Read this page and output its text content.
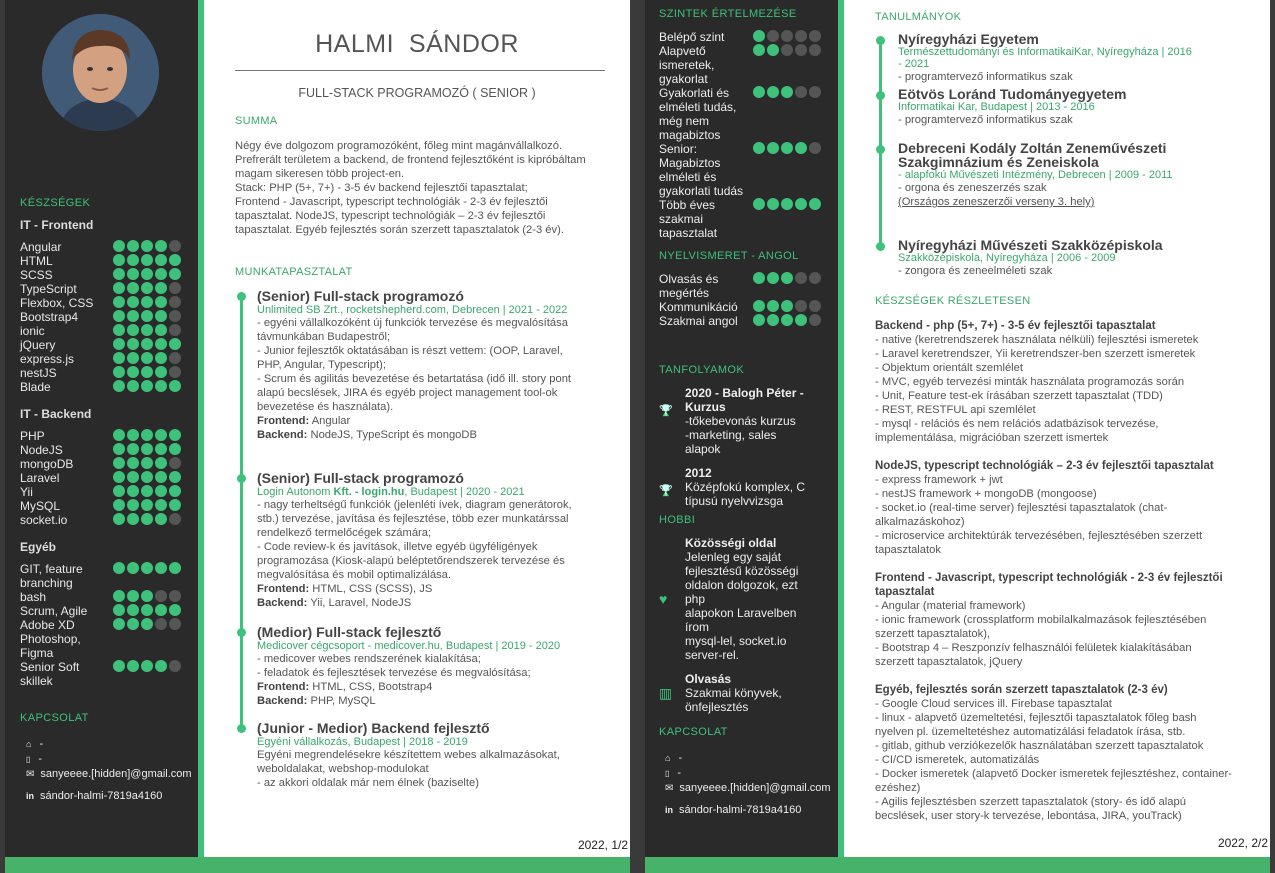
KÉSZSÉGEK
IT - Frontend
Angular
HTML
SCSS
TypeScript
Flexbox, CSS
Bootstrap4
ionic
jQuery
express.js
nestJS
Blade
IT - Backend
PHP
NodeJS
mongoDB
Laravel
Yii
MySQL
socket.io
Egyéb
GIT, feature branching
bash
Scrum, Agile
Adobe XD Photoshop, Figma
Senior Soft skillek
KAPCSOLAT
⌂ -
▯ -
✉ sanyeeee.[hidden]@gmail.com
in sándor-halmi-7819a4160
HALMI SÁNDOR
FULL-STACK PROGRAMOZÓ ( SENIOR )
SUMMA
Négy éve dolgozom programozóként, főleg mint magánvállalkozó.
Prefrerált területem a backend, de frontend fejlesztőként is kipróbáltam
magam sikeresen több project-en.
Stack: PHP (5+, 7+) - 3-5 év backend fejlesztői tapasztalat;
Frontend - Javascript, typescript technológiák - 2-3 év fejlesztői
tapasztalat. NodeJS, typescript technológiák – 2-3 év fejlesztői
tapasztalat. Egyéb fejlesztés során szerzett tapasztalatok (2-3 év).
MUNKATAPASZTALAT
(Senior) Full-stack programozó
Unlimited SB Zrt., rocketshepherd.com, Debrecen | 2021 - 2022
- egyéni vállalkozóként új funkciók tervezése és megvalósítása
távmunkában Budapestről;
- Junior fejlesztők oktatásában is részt vettem: (OOP, Laravel,
PHP, Angular, Typescript);
- Scrum és agilitás bevezetése és betartatása (idő ill. story pont
alapú becslések, JIRA és egyéb project management tool-ok
bevezetése és használata).
Frontend: Angular
Backend: NodeJS, TypeScript és mongoDB
(Senior) Full-stack programozó
Login Autonom Kft. - login.hu, Budapest | 2020 - 2021
- nagy terheltségű funkciók (jelenléti ívek, diagram generátorok,
stb.) tervezése, javítása és fejlesztése, több ezer munkatárssal
rendelkező termelőcégek számára;
- Code review-k és javítások, illetve egyéb ügyféligények
programozása (Kiosk-alapú beléptetőrendszerek tervezése és
megvalósítása és mobil optimalizálása.
Frontend: HTML, CSS (SCSS), JS
Backend: Yii, Laravel, NodeJS
(Medior) Full-stack fejlesztő
Medicover cégcsoport - medicover.hu, Budapest | 2019 - 2020
- medicover webes rendszerének kialakítása;
- feladatok és fejlesztések tervezése és megvalósítása;
Frontend: HTML, CSS, Bootstrap4
Backend: PHP, MySQL
(Junior - Medior) Backend fejlesztő
Egyéni vállalkozás, Budapest | 2018 - 2019
Egyéni megrendelésekre készítettem webes alkalmazásokat,
weboldalakat, webshop-modulokat
- az akkori oldalak már nem élnek (baziselte)
2022, 1/2
SZINTEK ÉRTELMEZÉSE
Belépő szint
Alapvető ismeretek, gyakorlat
Gyakorlati és elméleti tudás, még nem magabiztos
Senior: Magabiztos elméleti és gyakorlati tudás
Több éves szakmai tapasztalat
NYELVISMERET - ANGOL
Olvasás és megértés
Kommunikáció
Szakmai angol
TANFOLYAMOK
🏆
2020 - Balogh Péter - Kurzus
-tőkebevonás kurzus
-marketing, sales alapok
🏆
2012
Középfokú komplex, C
típusú nyelvvizsga
HOBBI
♥
Közösségi oldal
Jelenleg egy saját
fejlesztésű közösségi
oldalon dolgozok, ezt php
alapokon Laravelben írom
mysql-lel, socket.io
server-rel.
▥
Olvasás
Szakmai könyvek,
önfejlesztés
KAPCSOLAT
⌂ -
▯ -
✉ sanyeeee.[hidden]@gmail.com
in sándor-halmi-7819a4160
TANULMÁNYOK
Nyíregyházi Egyetem
Természettudományi és InformatikaiKar, Nyíregyháza | 2016 - 2021
- programtervező informatikus szak
Eötvös Loránd Tudományegyetem
Informatikai Kar, Budapest | 2013 - 2016
- programtervező informatikus szak
Debreceni Kodály Zoltán Zeneművészeti Szakgimnázium és Zeneiskola
- alapfokú Művészeti Intézmény, Debrecen | 2009 - 2011
- orgona és zeneszerzés szak
(Országos zeneszerzői verseny 3. hely)
Nyíregyházi Művészeti Szakközépiskola
Szakközépiskola, Nyíregyháza | 2006 - 2009
- zongora és zeneelméleti szak
KÉSZSÉGEK RÉSZLETESEN
Backend - php (5+, 7+) - 3-5 év fejlesztői tapasztalat
- native (keretrendszerek használata nélküli) fejlesztési ismeretek
- Laravel keretrendszer, Yii keretrendszer-ben szerzett ismeretek
- Objektum orientált szemlélet
- MVC, egyéb tervezési minták használata programozás során
- Unit, Feature test-ek írásában szerzett tapasztalat (TDD)
- REST, RESTFUL api szemlélet
- mysql - relációs és nem relációs adatbázisok tervezése,
implementálása, migrációban szerzett ismertek
NodeJS, typescript technológiák – 2-3 év fejlesztői tapasztalat
- express framework + jwt
- nestJS framework + mongoDB (mongoose)
- socket.io (real-time server) fejlesztési tapasztalatok (chat-
alkalmazáskohoz)
- microservice architektúrák tervezésében, fejlesztésében szerzett
tapasztalatok
Frontend - Javascript, typescript technológiák - 2-3 év fejlesztői tapasztalat
- Angular (material framework)
- ionic framework (crossplatform mobilalkalmazások fejlesztésében
szerzett tapasztalatok),
- Bootstrap 4 – Reszponzív felhasználói felületek kialakításában
szerzett tapasztalatok, jQuery
Egyéb, fejlesztés során szerzett tapasztalatok (2-3 év)
- Google Cloud services ill. Firebase tapasztalat
- linux - alapvető üzemeltetési, fejlesztői tapasztalatok főleg bash
nyelven pl. üzemeltetéshez automatizálási feladatok írása, stb.
- gitlab, github verziókezelők használatában szerzett tapasztalatok
- CI/CD ismeretek, automatizálás
- Docker ismeretek (alapvető Docker ismeretek fejlesztéshez, container-
ezéshez)
- Agilis fejlesztésben szerzett tapasztalatok (story- és idő alapú
becslések, user story-k tervezése, lebontása, JIRA, youTrack)
2022, 2/2
